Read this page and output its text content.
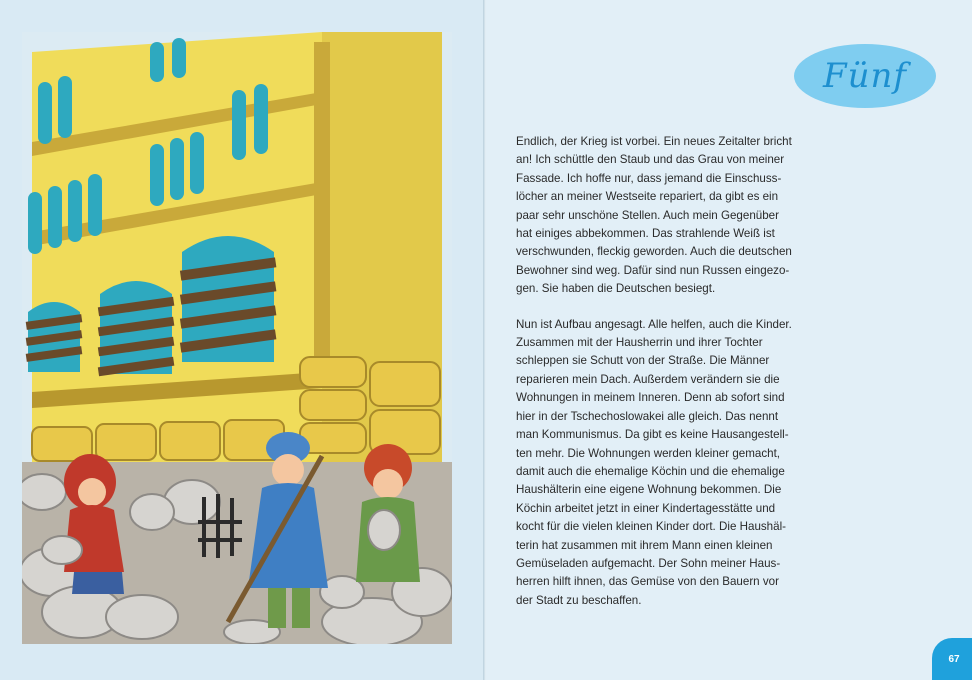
Fünf

Endlich, der Krieg ist vorbei. Ein neues Zeitalter bricht
an! Ich schüttle den Staub und das Grau von meiner
Fassade. Ich hoffe nur, dass jemand die Einschuss-
löcher an meiner Westseite repariert, da gibt es ein
paar sehr unschöne Stellen. Auch mein Gegenüber
hat einiges abbekommen. Das strahlende Weiß ist
verschwunden, fleckig geworden. Auch die deutschen
Bewohner sind weg. Dafür sind nun Russen eingezo-
gen. Sie haben die Deutschen besiegt.

Nun ist Aufbau angesagt. Alle helfen, auch die Kinder.
Zusammen mit der Hausherrin und ihrer Tochter
schleppen sie Schutt von der Straße. Die Männer
reparieren mein Dach. Außerdem verändern sie die
Wohnungen in meinem Inneren. Denn ab sofort sind
hier in der Tschechoslowakei alle gleich. Das nennt
man Kommunismus. Da gibt es keine Hausangestell-
ten mehr. Die Wohnungen werden kleiner gemacht,
damit auch die ehemalige Köchin und die ehemalige
Haushälterin eine eigene Wohnung bekommen. Die
Köchin arbeitet jetzt in einer Kindertagesstätte und
kocht für die vielen kleinen Kinder dort. Die Haushäl-
terin hat zusammen mit ihrem Mann einen kleinen
Gemüseladen aufgemacht. Der Sohn meiner Haus-
herren hilft ihnen, das Gemüse von den Bauern vor
der Stadt zu beschaffen.

67
